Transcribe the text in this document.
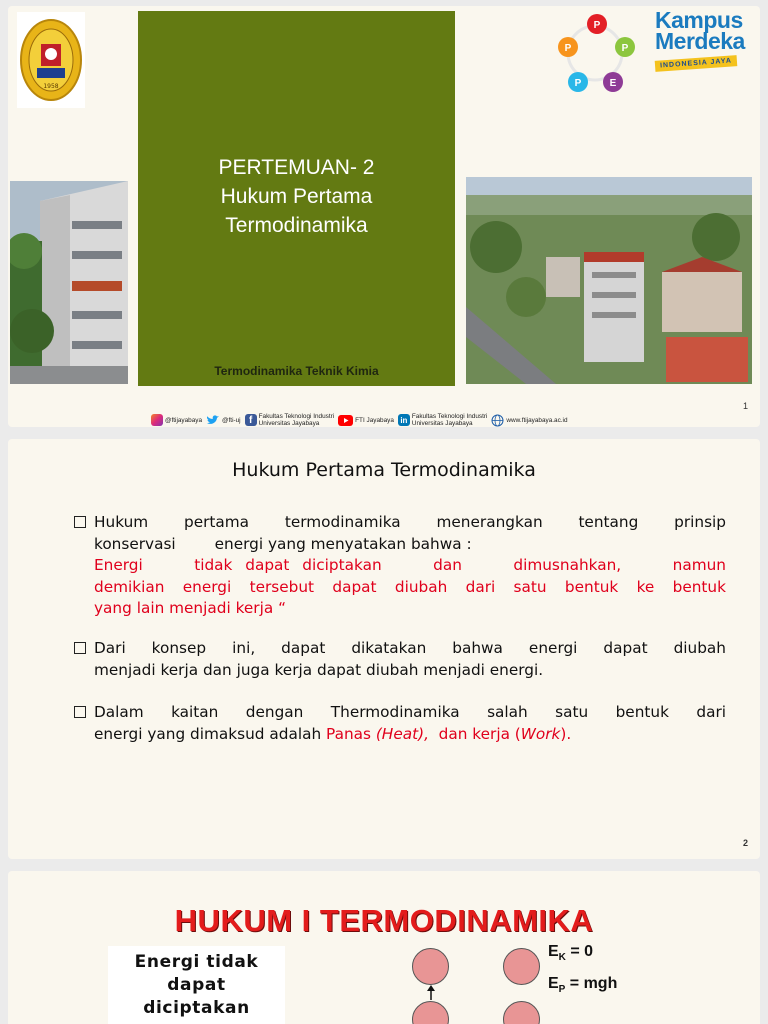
1958
PERTEMUAN- 2
Hukum Pertama
Termodinamika
Termodinamika Teknik Kimia
P
P
P
P	E
Kampus
Merdeka
INDONESIA JAYA
1
@ftijayabaya	@fti-uj f Fakultas Teknologi Industri
Universitas Jayabaya	FTI Jayabaya in Fakultas Teknologi Industri
Universitas Jayabaya	www.ftijayabaya.ac.id
Hukum Pertama Termodinamika
Hukum pertama termodinamika menerangkan tentang prinsip
konservasi        energi yang menyatakan bahwa :
Energi    tidak dapat diciptakan    dan    dimusnahkan,    namun
demikian energi tersebut dapat diubah dari satu bentuk ke bentuk
yang lain menjadi kerja “
Dari konsep ini, dapat dikatakan bahwa energi dapat diubah
menjadi kerja dan juga kerja dapat diubah menjadi energi.
Dalam kaitan dengan Thermodinamika salah satu bentuk dari
energi yang dimaksud adalah Panas (Heat),  dan kerja (Work).
2
HUKUM I TERMODINAMIKA
Energi tidak
dapat
diciptakan
$E_K = 0$
$E_P$ = mgh
